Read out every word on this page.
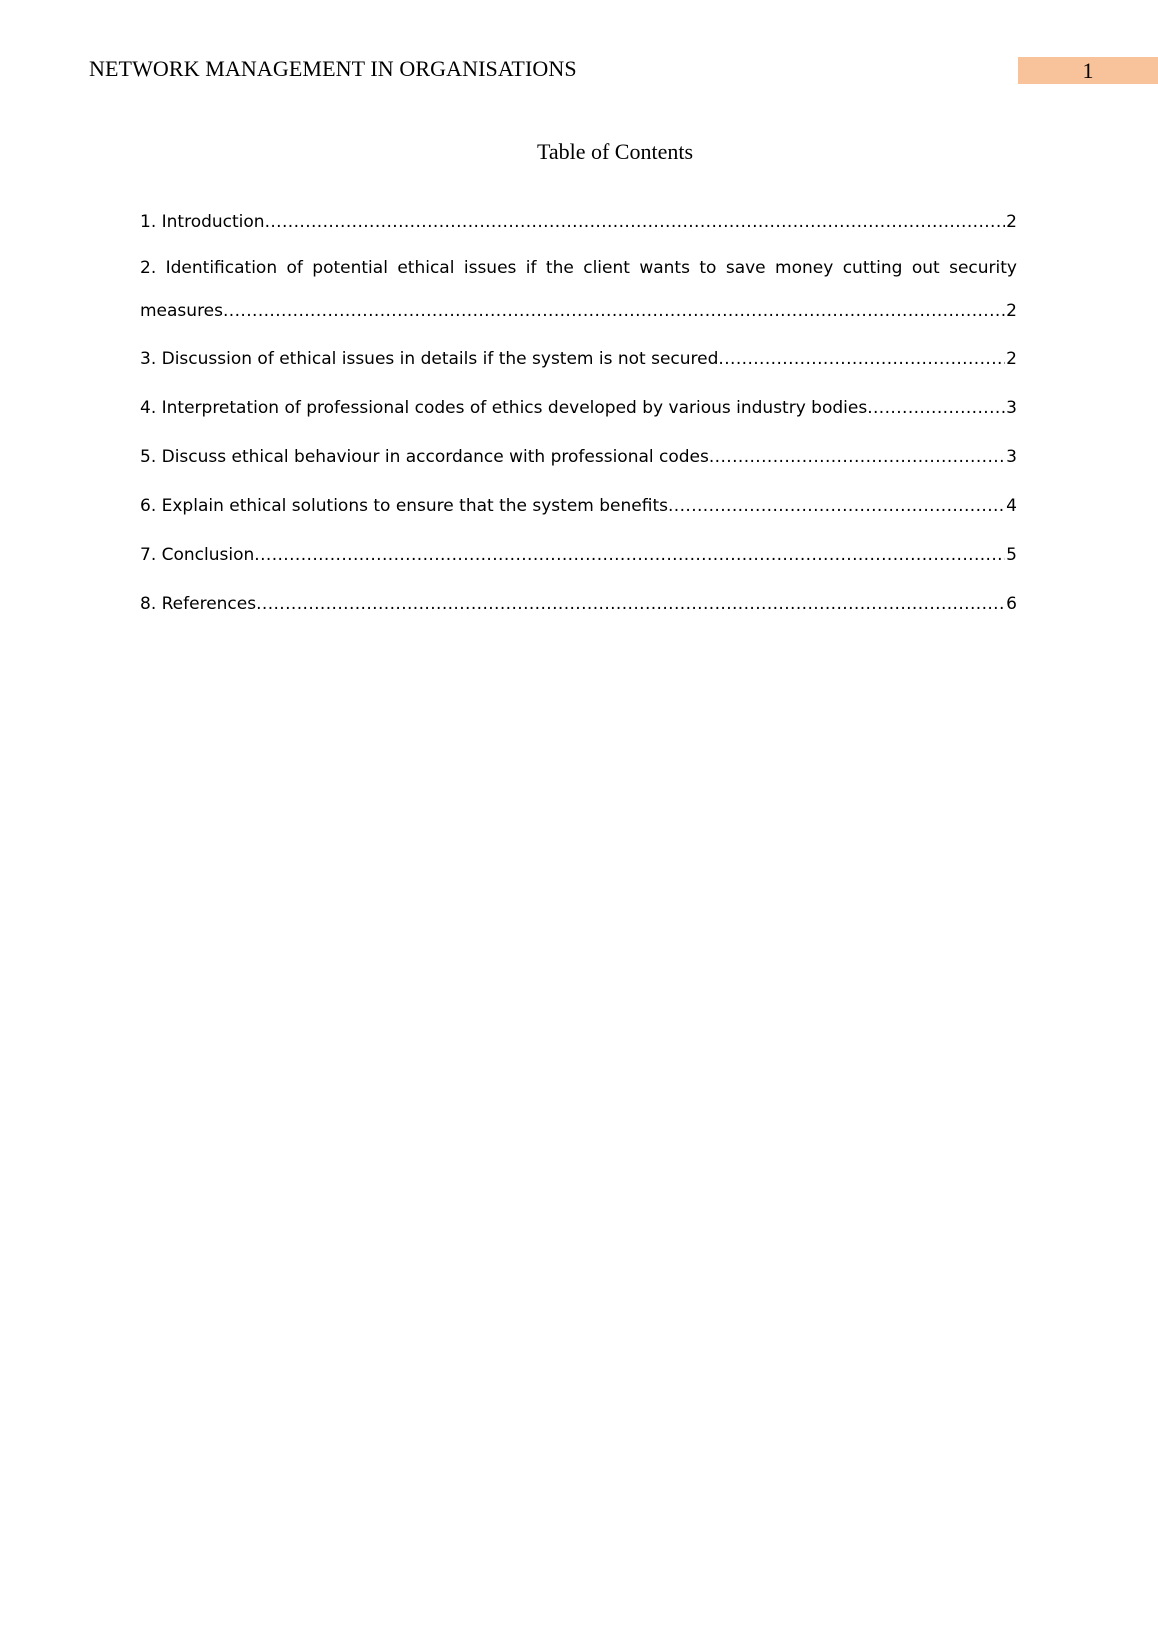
NETWORK MANAGEMENT IN ORGANISATIONS	1
Table of Contents
1. Introduction .....	2
2. Identification of potential ethical issues if the client wants to save money cutting out security
measures .....	2
3. Discussion of ethical issues in details if the system is not secured .....	2
4. Interpretation of professional codes of ethics developed by various industry bodies .....	3
5. Discuss ethical behaviour in accordance with professional codes .....	3
6. Explain ethical solutions to ensure that the system benefits .....	4
7. Conclusion .....	5
8. References .....	6
